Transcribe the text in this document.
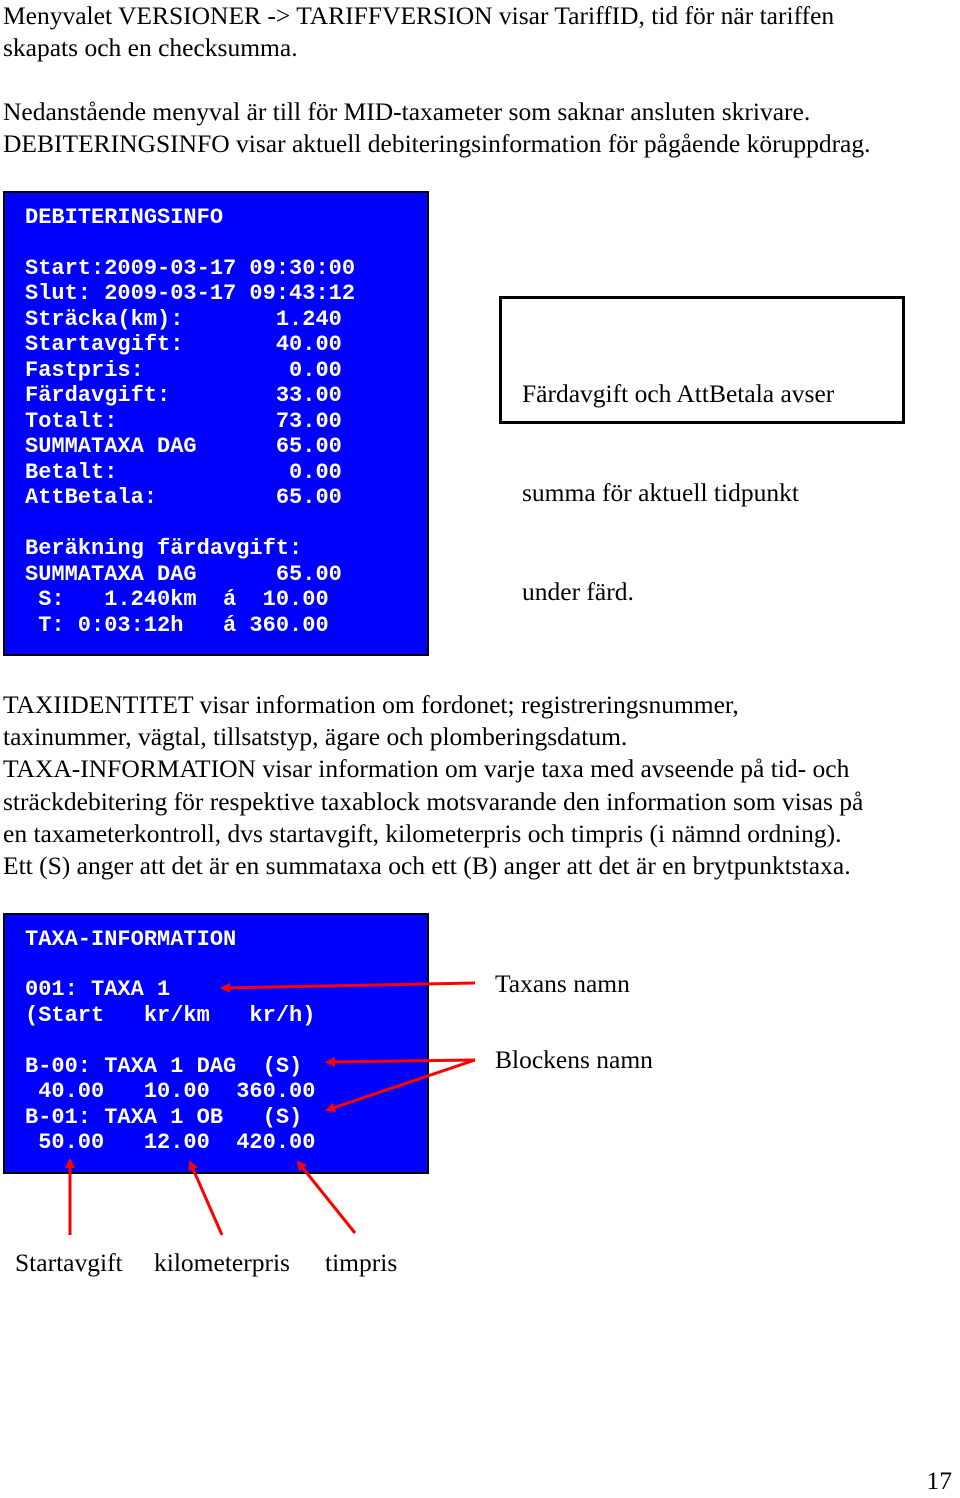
Menyvalet VERSIONER -> TARIFFVERSION visar TariffID, tid för när tariffen

skapats och en checksumma.

Nedanstående menyval är till för MID-taxameter som saknar ansluten skrivare.

DEBITERINGSINFO visar aktuell debiteringsinformation för pågående köruppdrag.

DEBITERINGSINFO
Start:2009-03-17 09:30:00
Slut: 2009-03-17 09:43:12
Sträcka(km):       1.240
Startavgift:       40.00
Fastpris:           0.00
Färdavgift:        33.00
Totalt:            73.00
SUMMATAXA DAG      65.00
Betalt:             0.00
AttBetala:         65.00
Beräkning färdavgift:
SUMMATAXA DAG      65.00
S:   1.240km  á  10.00
T: 0:03:12h   á 360.00

Färdavgift och AttBetala avser

summa för aktuell tidpunkt

under färd.

TAXIIDENTITET visar information om fordonet; registreringsnummer,

taxinummer, vägtal, tillsatstyp, ägare och plomberingsdatum.

TAXA-INFORMATION visar information om varje taxa med avseende på tid- och

sträckdebitering för respektive taxablock motsvarande den information som visas på

en taxameterkontroll, dvs startavgift, kilometerpris och timpris (i nämnd ordning).

Ett (S) anger att det är en summataxa och ett (B) anger att det är en brytpunktstaxa.

TAXA-INFORMATION
001: TAXA 1
(Start   kr/km   kr/h)
B-00: TAXA 1 DAG  (S)
40.00   10.00  360.00
B-01: TAXA 1 OB   (S)
50.00   12.00  420.00
Taxans namn
Blockens namn
Startavgift kilometerpris timpris
17
